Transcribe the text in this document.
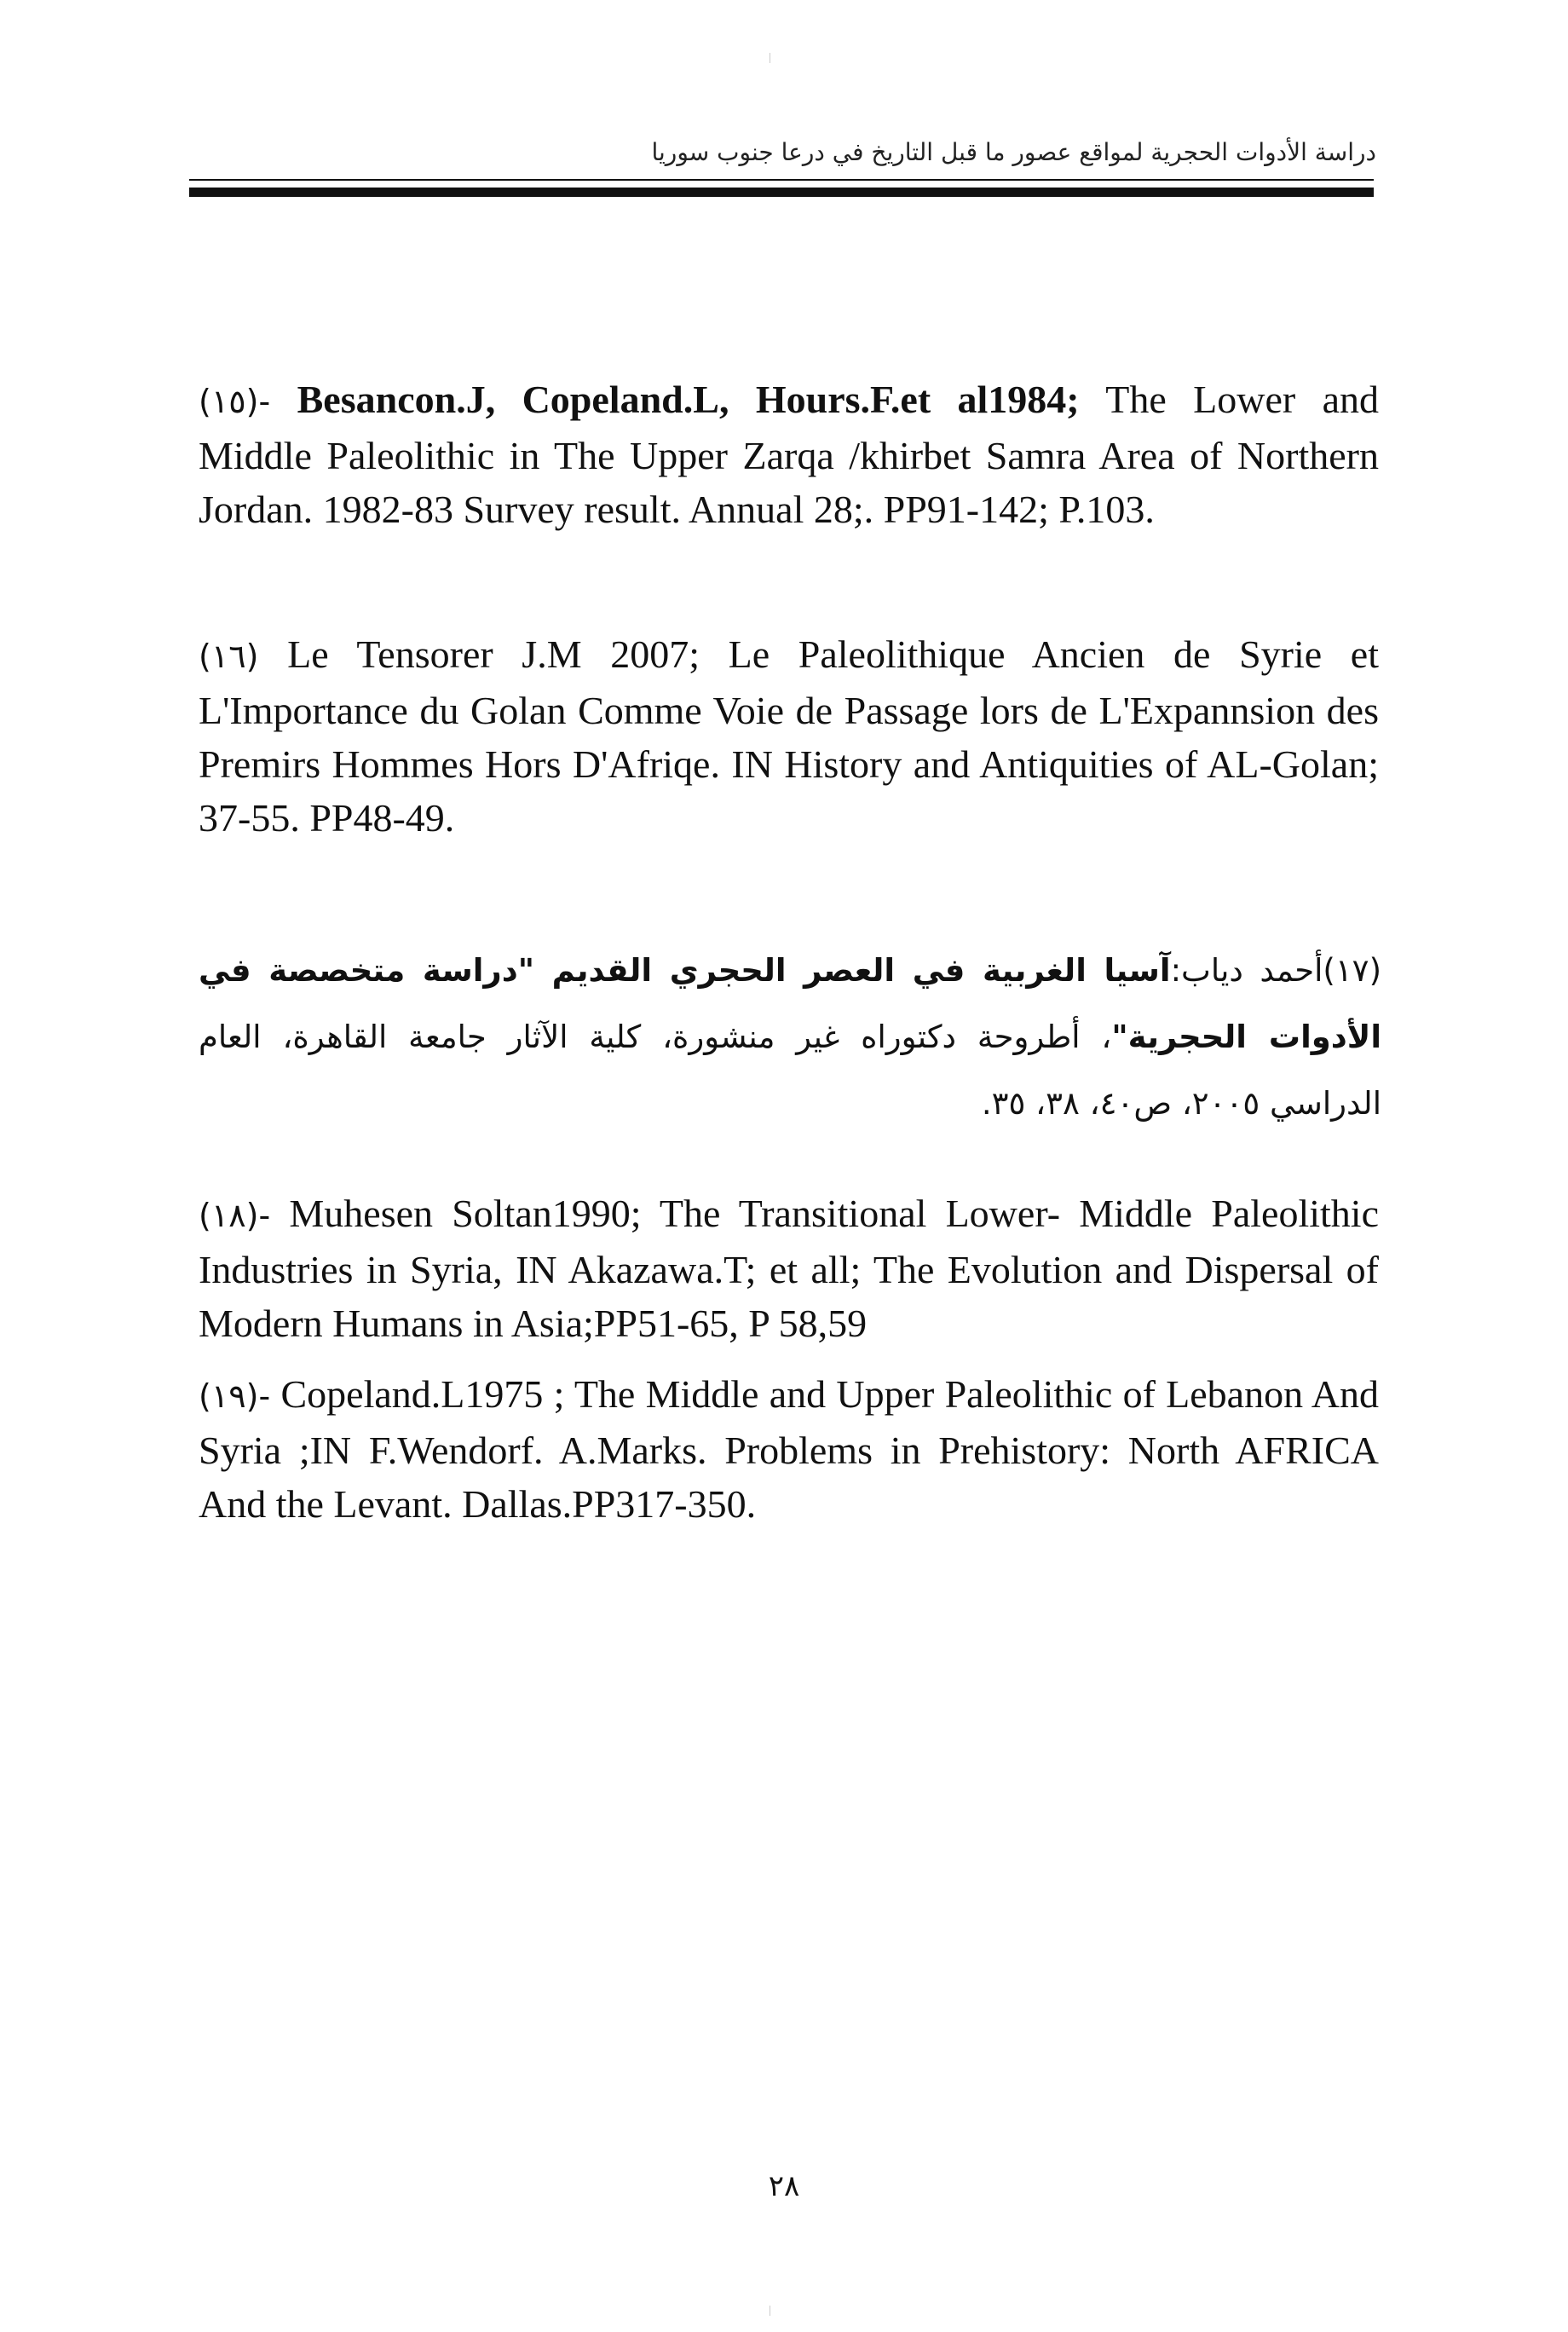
دراسة الأدوات الحجرية لمواقع عصور ما قبل التاريخ في درعا جنوب سوريا
(١٥)- Besancon.J, Copeland.L, Hours.F.et al1984; The Lower and Middle Paleolithic in The Upper Zarqa /khirbet Samra Area of Northern Jordan. 1982-83 Survey result. Annual 28;. PP91-142; P.103.
(١٦) Le Tensorer J.M 2007; Le Paleolithique Ancien de Syrie et L'Importance du Golan Comme Voie de Passage lors de L'Expannsion des Premirs Hommes Hors D'Afriqe. IN History and Antiquities of AL-Golan; 37-55. PP48-49.
(١٧)أحمد دياب:آسيا الغربية في العصر الحجري القديم "دراسة متخصصة في الأدوات الحجرية"، أطروحة دكتوراه غير منشورة، كلية الآثار جامعة القاهرة، العام الدراسي ٢٠٠٥، ص٤٠، ٣٨، ٣٥.
(١٨)- Muhesen Soltan1990; The Transitional Lower- Middle Paleolithic Industries in Syria, IN Akazawa.T; et all; The Evolution and Dispersal of Modern Humans in Asia;PP51-65, P 58,59
(١٩)- Copeland.L1975 ; The Middle and Upper Paleolithic of Lebanon And Syria ;IN F.Wendorf. A.Marks. Problems in Prehistory: North AFRICA And the Levant. Dallas.PP317-350.
٢٨
